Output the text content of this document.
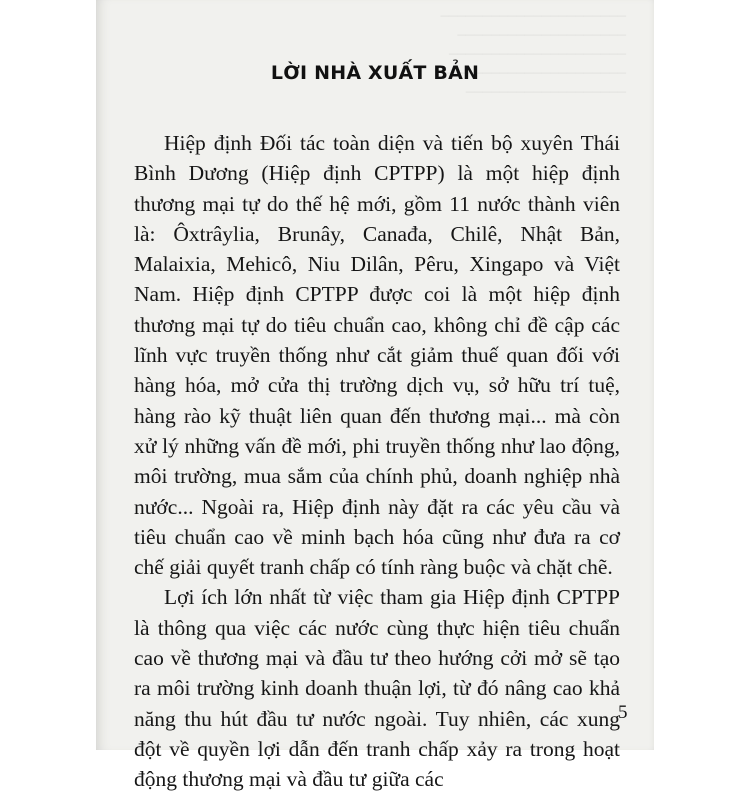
──────────────────────
────────────────────
─────────────────────
──────────────────────
───────────────────
LỜI NHÀ XUẤT BẢN

Hiệp định Đối tác toàn diện và tiến bộ xuyên Thái Bình Dương (Hiệp định CPTPP) là một hiệp định thương mại tự do thế hệ mới, gồm 11 nước thành viên là: Ôxtrâylia, Brunây, Canađa, Chilê, Nhật Bản, Malaixia, Mehicô, Niu Dilân, Pêru, Xingapo và Việt Nam. Hiệp định CPTPP được coi là một hiệp định thương mại tự do tiêu chuẩn cao, không chỉ đề cập các lĩnh vực truyền thống như cắt giảm thuế quan đối với hàng hóa, mở cửa thị trường dịch vụ, sở hữu trí tuệ, hàng rào kỹ thuật liên quan đến thương mại... mà còn xử lý những vấn đề mới, phi truyền thống như lao động, môi trường, mua sắm của chính phủ, doanh nghiệp nhà nước... Ngoài ra, Hiệp định này đặt ra các yêu cầu và tiêu chuẩn cao về minh bạch hóa cũng như đưa ra cơ chế giải quyết tranh chấp có tính ràng buộc và chặt chẽ.

Lợi ích lớn nhất từ việc tham gia Hiệp định CPTPP là thông qua việc các nước cùng thực hiện tiêu chuẩn cao về thương mại và đầu tư theo hướng cởi mở sẽ tạo ra môi trường kinh doanh thuận lợi, từ đó nâng cao khả năng thu hút đầu tư nước ngoài. Tuy nhiên, các xung đột về quyền lợi dẫn đến tranh chấp xảy ra trong hoạt động thương mại và đầu tư giữa các

5
